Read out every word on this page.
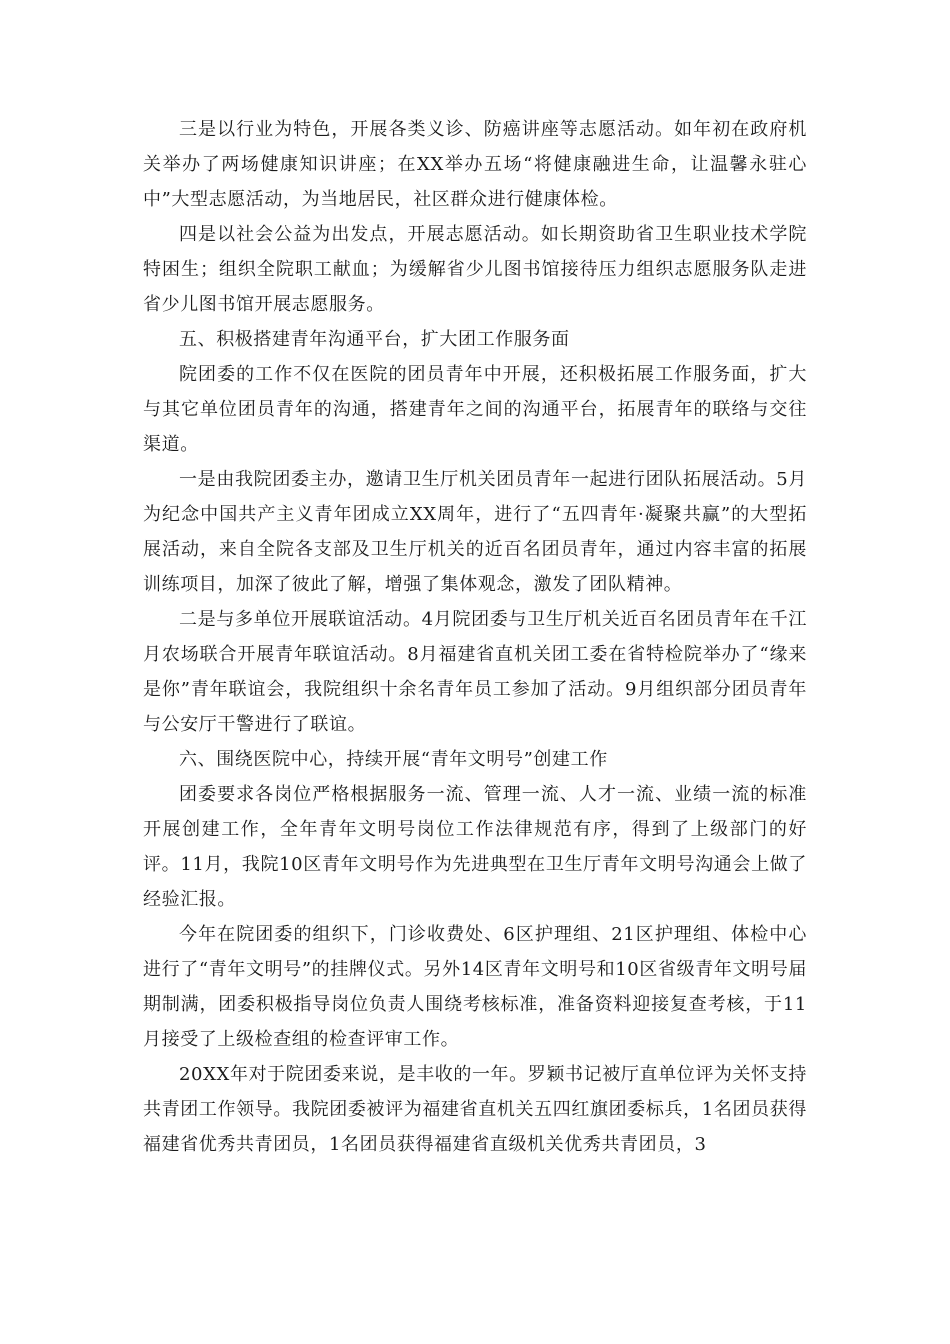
三是以行业为特色，开展各类义诊、防癌讲座等志愿活动。如年初在政府机关举办了两场健康知识讲座；在XX举办五场“将健康融进生命，让温馨永驻心中”大型志愿活动，为当地居民，社区群众进行健康体检。

四是以社会公益为出发点，开展志愿活动。如长期资助省卫生职业技术学院特困生；组织全院职工献血；为缓解省少儿图书馆接待压力组织志愿服务队走进省少儿图书馆开展志愿服务。

五、积极搭建青年沟通平台，扩大团工作服务面

院团委的工作不仅在医院的团员青年中开展，还积极拓展工作服务面，扩大与其它单位团员青年的沟通，搭建青年之间的沟通平台，拓展青年的联络与交往渠道。

一是由我院团委主办，邀请卫生厅机关团员青年一起进行团队拓展活动。5月为纪念中国共产主义青年团成立XX周年，进行了“五四青年·凝聚共赢”的大型拓展活动，来自全院各支部及卫生厅机关的近百名团员青年，通过内容丰富的拓展训练项目，加深了彼此了解，增强了集体观念，激发了团队精神。

二是与多单位开展联谊活动。4月院团委与卫生厅机关近百名团员青年在千江月农场联合开展青年联谊活动。8月福建省直机关团工委在省特检院举办了“缘来是你”青年联谊会，我院组织十余名青年员工参加了活动。9月组织部分团员青年与公安厅干警进行了联谊。

六、围绕医院中心，持续开展“青年文明号”创建工作

团委要求各岗位严格根据服务一流、管理一流、人才一流、业绩一流的标准开展创建工作，全年青年文明号岗位工作法律规范有序，得到了上级部门的好评。11月，我院10区青年文明号作为先进典型在卫生厅青年文明号沟通会上做了经验汇报。

今年在院团委的组织下，门诊收费处、6区护理组、21区护理组、体检中心进行了“青年文明号”的挂牌仪式。另外14区青年文明号和10区省级青年文明号届期制满，团委积极指导岗位负责人围绕考核标准，准备资料迎接复查考核，于11月接受了上级检查组的检查评审工作。

20XX年对于院团委来说，是丰收的一年。罗颖书记被厅直单位评为关怀支持共青团工作领导。我院团委被评为福建省直机关五四红旗团委标兵，1名团员获得福建省优秀共青团员，1名团员获得福建省直级机关优秀共青团员，3
